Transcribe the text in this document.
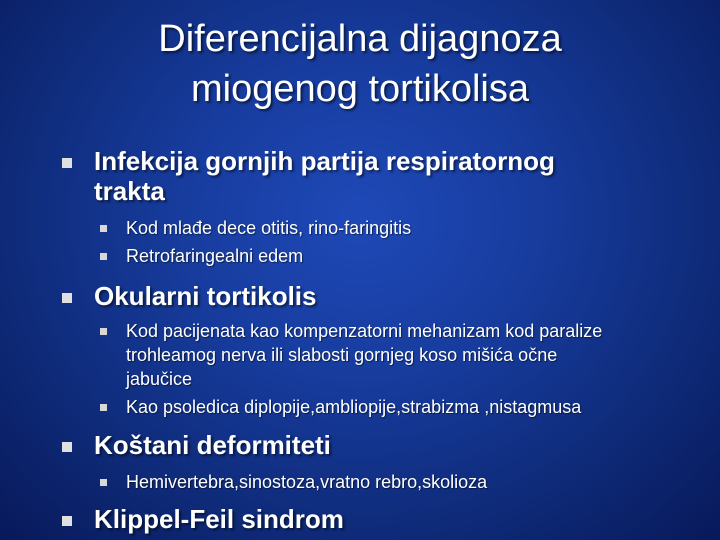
Diferencijalna dijagnoza
miogenog tortikolisa
Infekcija gornjih partija respiratornog
trakta
Kod mlađe dece otitis, rino-faringitis
Retrofaringealni edem
Okularni tortikolis
Kod pacijenata kao kompenzatorni mehanizam kod paralize
trohleamog nerva ili slabosti gornjeg koso mišića očne
jabučice
Kao psoledica diplopije,ambliopije,strabizma ,nistagmusa
Koštani deformiteti
Hemivertebra,sinostoza,vratno rebro,skolioza
Klippel-Feil sindrom
